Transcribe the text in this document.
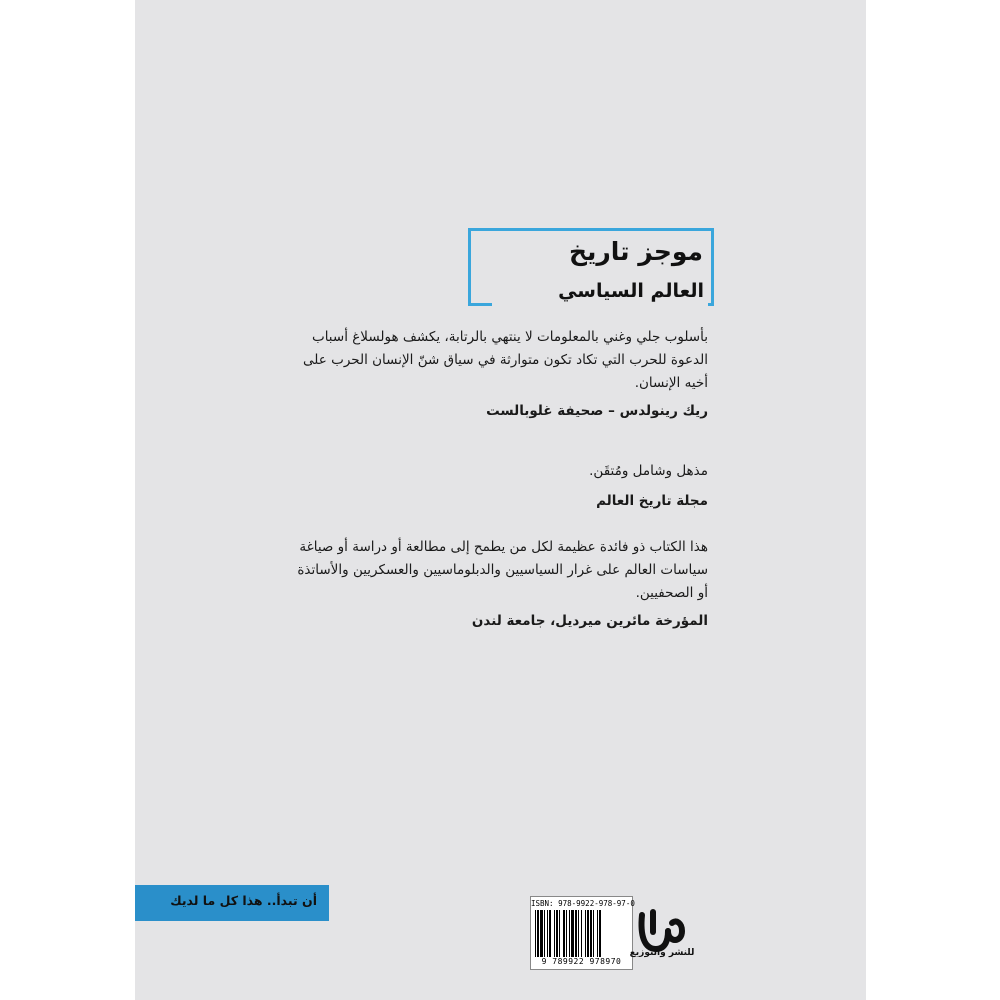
موجز تاريخ
العالم السياسي

بأسلوب جلي وغني بالمعلومات لا ينتهي بالرتابة، يكشف هولسلاغ أسباب الدعوة للحرب التي تكاد تكون متوارثة في سياق شنّ الإنسان الحرب على أخيه الإنسان.

ريك رينولدس – صحيفة غلوبالست

مذهل وشامل ومُتقَن.

مجلة تاريخ العالم

هذا الكتاب ذو فائدة عظيمة لكل من يطمح إلى مطالعة أو دراسة أو صياغة سياسات العالم على غرار السياسيين والدبلوماسيين والعسكريين والأساتذة أو الصحفيين.

المؤرخة مائرين ميرديل، جامعة لندن

أن تبدأ.. هذا كل ما لديك	ISBN: 978-9922-978-97-0
9 789922 978970
للنشر والتوزيع
